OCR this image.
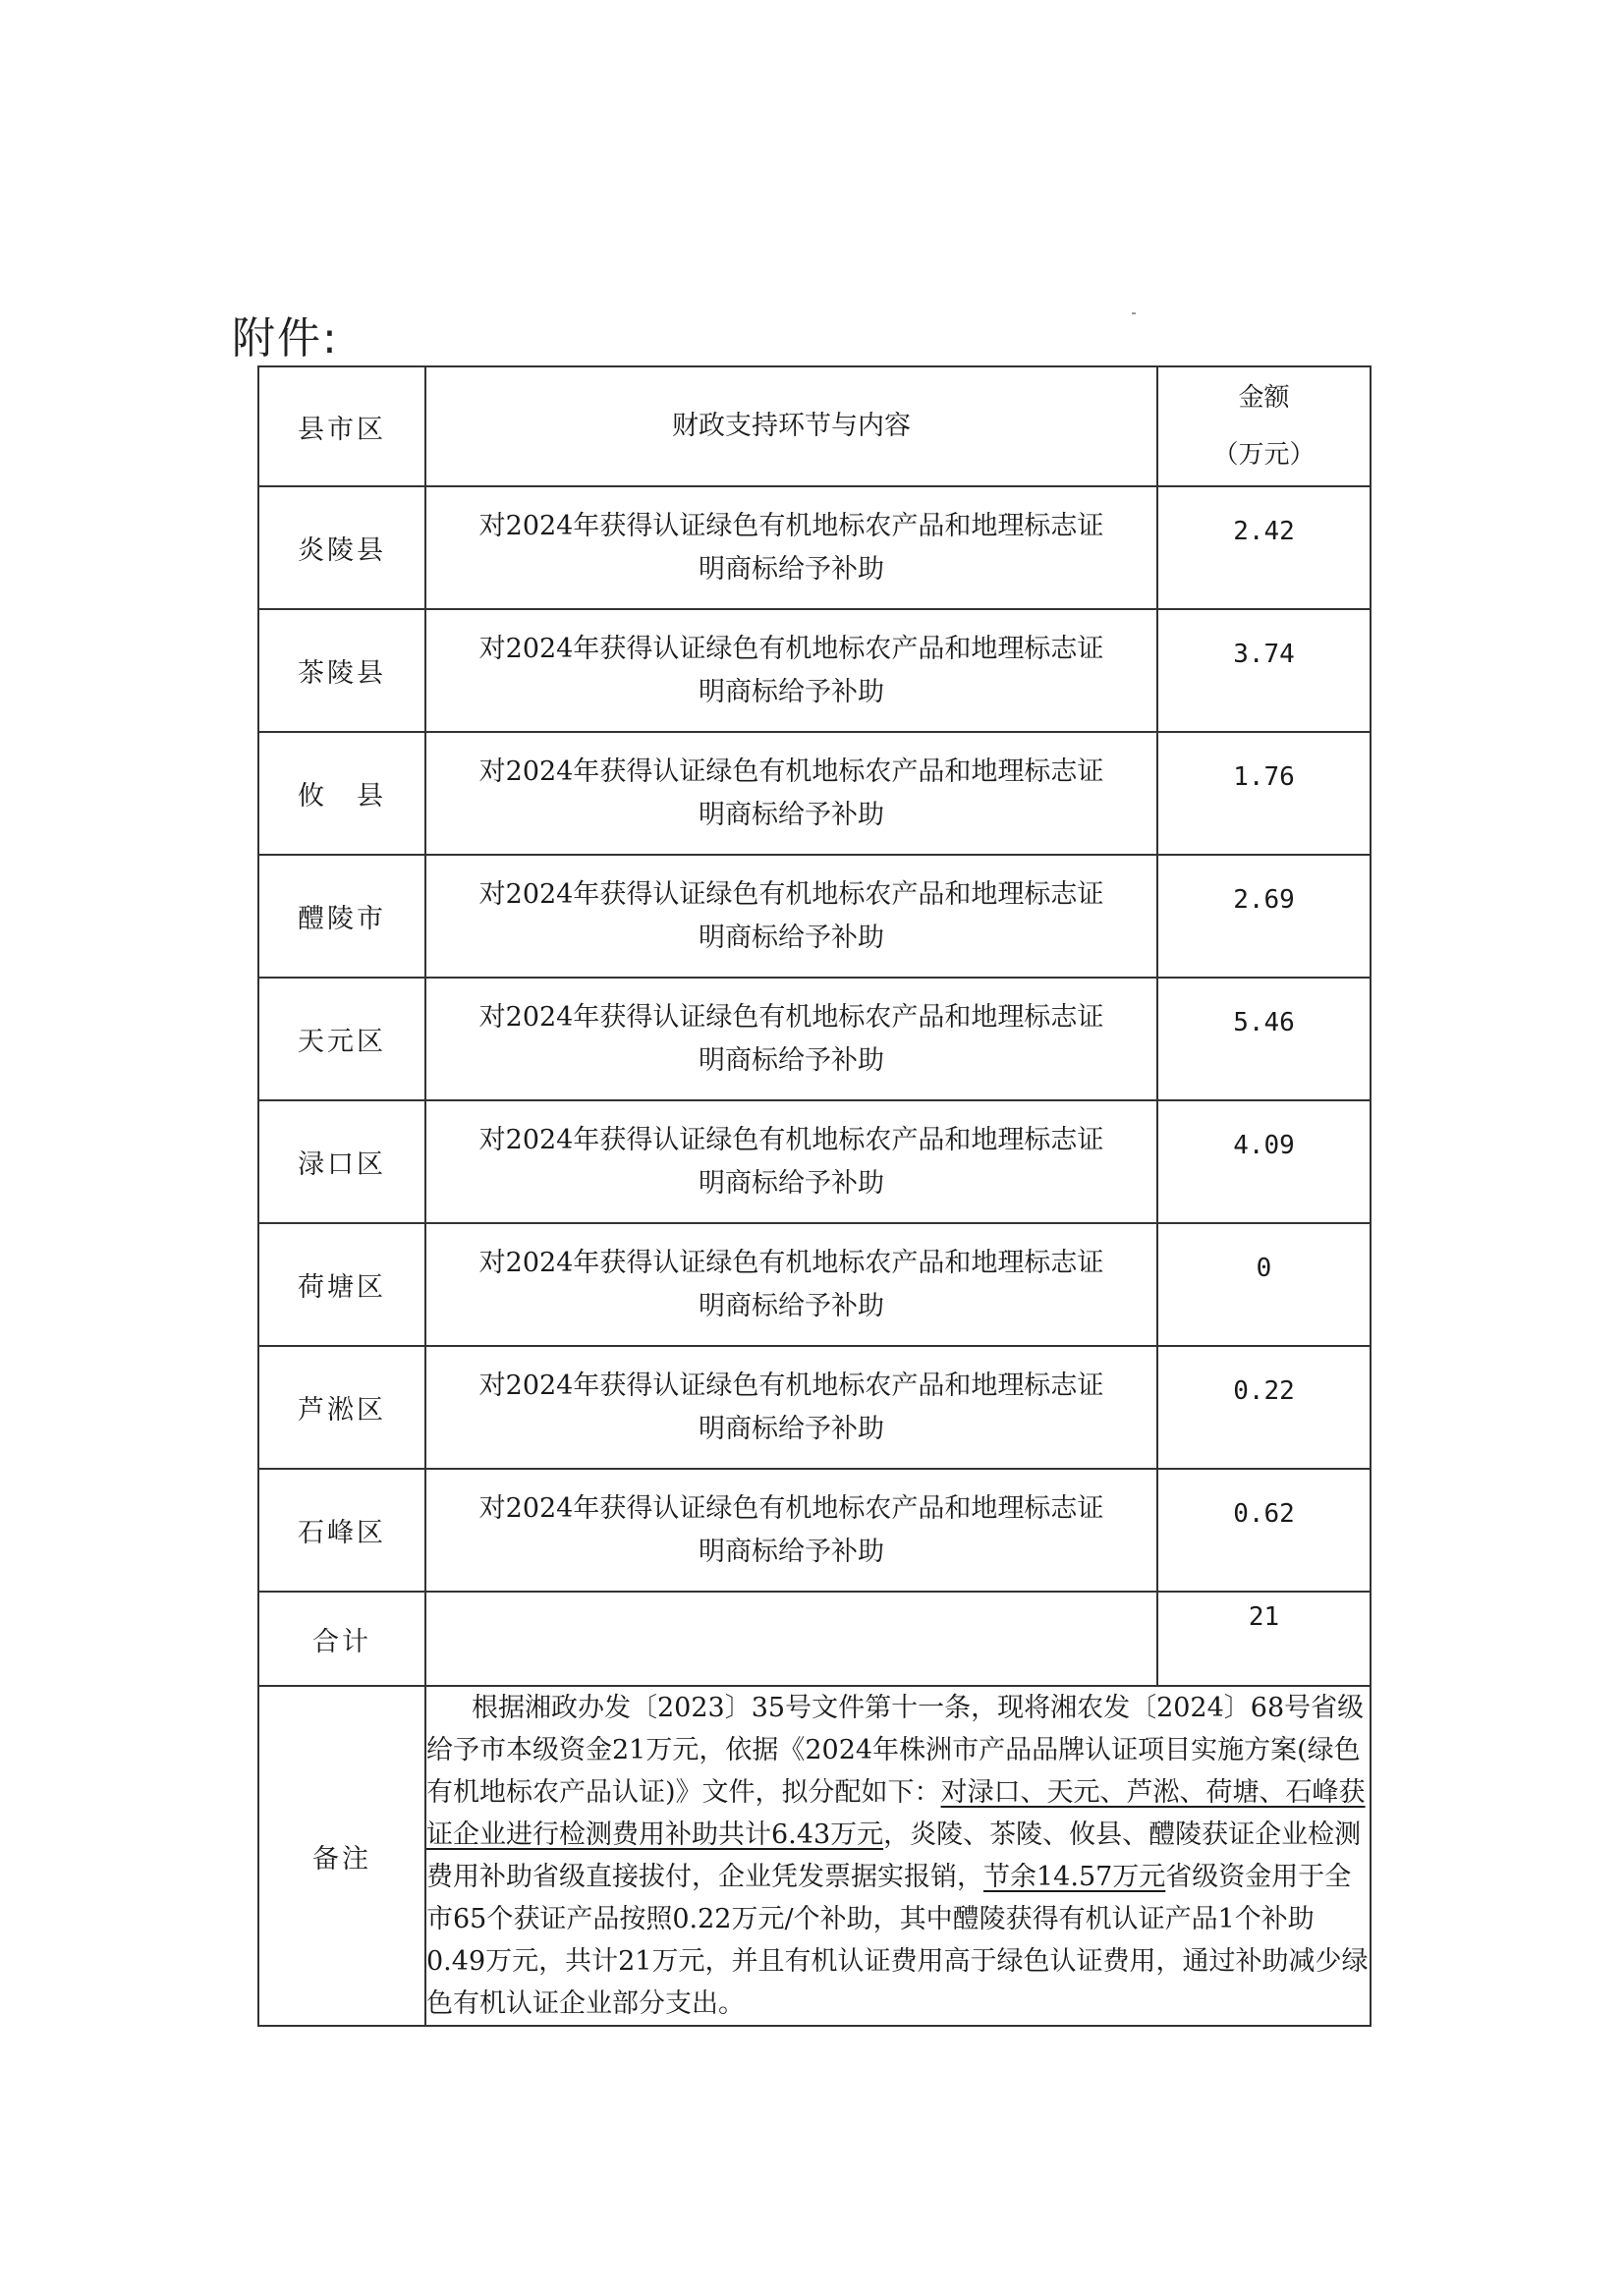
附件:
县市区	财政支持环节与内容	金额
（万元）

炎陵县	对2024年获得认证绿色有机地标农产品和地理标志证
明商标给予补助	2.42
茶陵县	对2024年获得认证绿色有机地标农产品和地理标志证
明商标给予补助	3.74
攸　县	对2024年获得认证绿色有机地标农产品和地理标志证
明商标给予补助	1.76
醴陵市	对2024年获得认证绿色有机地标农产品和地理标志证
明商标给予补助	2.69
天元区	对2024年获得认证绿色有机地标农产品和地理标志证
明商标给予补助	5.46
渌口区	对2024年获得认证绿色有机地标农产品和地理标志证
明商标给予补助	4.09
荷塘区	对2024年获得认证绿色有机地标农产品和地理标志证
明商标给予补助	0
芦淞区	对2024年获得认证绿色有机地标农产品和地理标志证
明商标给予补助	0.22
石峰区	对2024年获得认证绿色有机地标农产品和地理标志证
明商标给予补助	0.62
合计		21
备注	根据湘政办发〔2023〕35号文件第十一条，现将湘农发〔2024〕68号省级给予市本级资金21万元，依据《2024年株洲市产品品牌认证项目实施方案(绿色有机地标农产品认证)》文件，拟分配如下：对渌口、天元、芦淞、荷塘、石峰获证企业进行检测费用补助共计6.43万元，炎陵、茶陵、攸县、醴陵获证企业检测费用补助省级直接拔付，企业凭发票据实报销，节余14.57万元省级资金用于全市65个获证产品按照0.22万元/个补助，其中醴陵获得有机认证产品1个补助0.49万元，共计21万元，并且有机认证费用高于绿色认证费用，通过补助减少绿色有机认证企业部分支出。	
